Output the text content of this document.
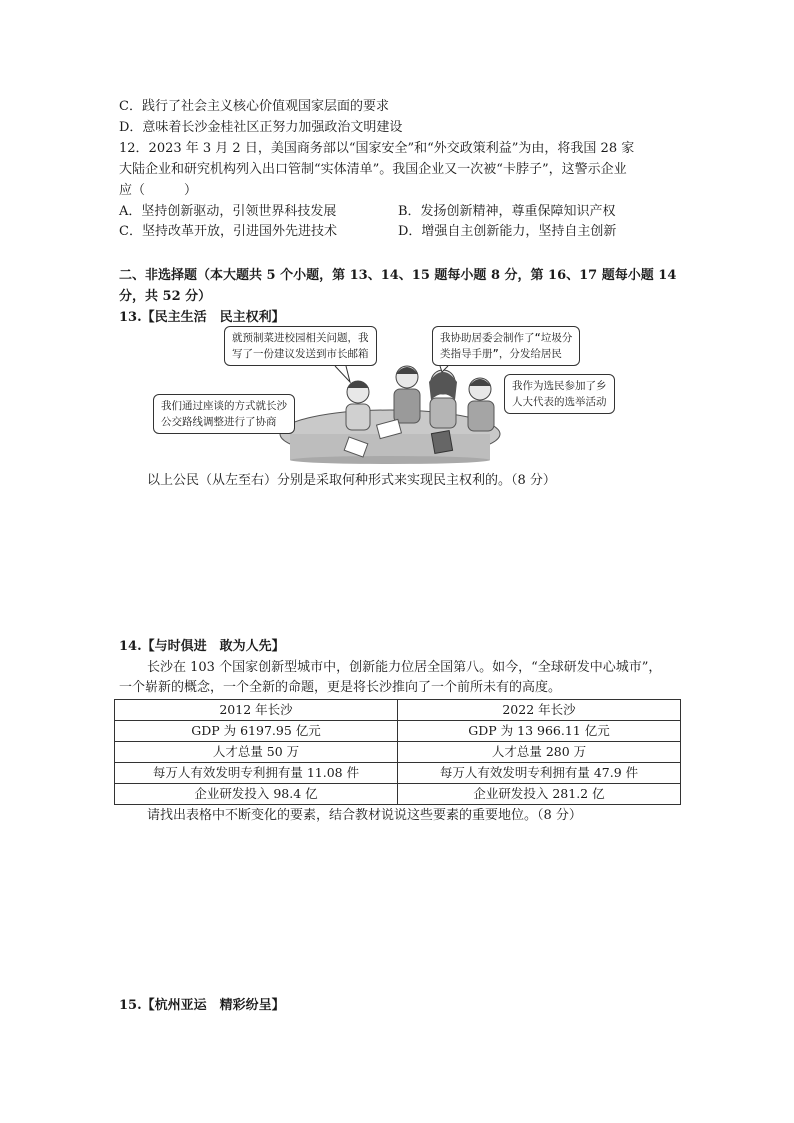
C．践行了社会主义核心价值观国家层面的要求
D．意味着长沙金桂社区正努力加强政治文明建设
12．2023 年 3 月 2 日，美国商务部以“国家安全”和“外交政策利益”为由，将我国 28 家
大陆企业和研究机构列入出口管制“实体清单”。我国企业又一次被“卡脖子”，这警示企业
应（　　　）
A．坚持创新驱动，引领世界科技发展	B．发扬创新精神，尊重保障知识产权
C．坚持改革开放，引进国外先进技术	D．增强自主创新能力，坚持自主创新
二、非选择题（本大题共 5 个小题，第 13、14、15 题每小题 8 分，第 16、17 题每小题 14
分，共 52 分）
13.【民主生活　民主权利】
就预制菜进校园相关问题，我
写了一份建议发送到市长邮箱
我协助居委会制作了“垃圾分
类指导手册”，分发给居民
我们通过座谈的方式就长沙
公交路线调整进行了协商
我作为选民参加了乡
人大代表的选举活动
以上公民（从左至右）分别是采取何种形式来实现民主权利的。（8 分）
14.【与时俱进　敢为人先】
长沙在 103 个国家创新型城市中，创新能力位居全国第八。如今，“全球研发中心城市”，
一个崭新的概念，一个全新的命题，更是将长沙推向了一个前所未有的高度。
2012 年长沙	2022 年长沙
GDP 为 6197.95 亿元	GDP 为 13 966.11 亿元
人才总量 50 万	人才总量 280 万
每万人有效发明专利拥有量 11.08 件	每万人有效发明专利拥有量 47.9 件
企业研发投入 98.4 亿	企业研发投入 281.2 亿
请找出表格中不断变化的要素，结合教材说说这些要素的重要地位。（8 分）
15.【杭州亚运　精彩纷呈】
